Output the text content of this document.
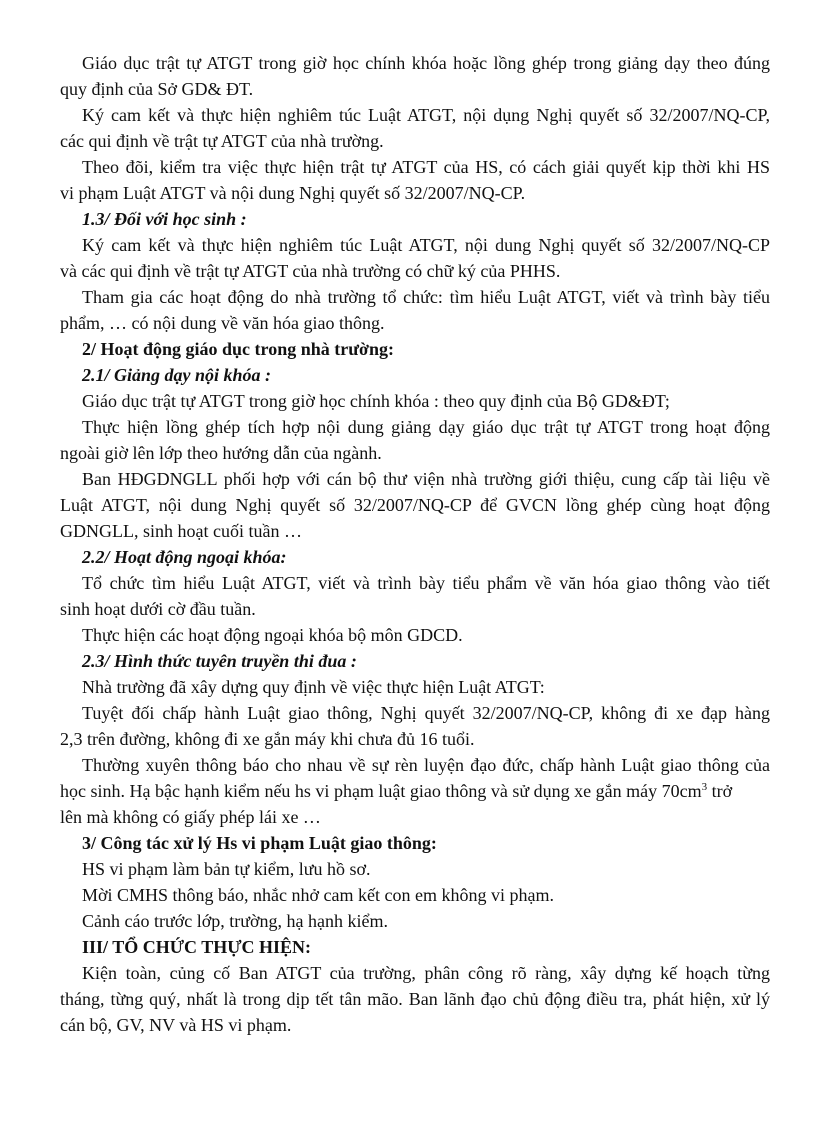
Giáo dục trật tự ATGT trong giờ học chính khóa hoặc lồng ghép trong giảng dạy theo đúng
quy định của Sở GD& ĐT.
Ký cam kết và thực hiện nghiêm túc Luật ATGT, nội dụng Nghị quyết số 32/2007/NQ-CP,
các qui định về trật tự ATGT của nhà trường.
Theo đõi, kiểm tra việc thực hiện trật tự ATGT của HS, có cách giải quyết kịp thời khi HS
vi phạm Luật ATGT và nội dung Nghị quyết số 32/2007/NQ-CP.
1.3/ Đối với học sinh :
Ký cam kết và thực hiện nghiêm túc Luật ATGT, nội dung Nghị quyết số 32/2007/NQ-CP
và các qui định về trật tự ATGT của nhà trường có chữ ký của PHHS.
Tham gia các hoạt động do nhà trường tổ chức: tìm hiểu Luật ATGT, viết và trình bày tiểu
phẩm, … có nội dung về văn hóa giao thông.
2/ Hoạt động giáo dục trong nhà trường:
2.1/ Giảng dạy nội khóa :
Giáo dục trật tự ATGT trong giờ học chính khóa : theo quy định của Bộ GD&ĐT;
Thực hiện lồng ghép tích hợp nội dung giảng dạy giáo dục trật tự ATGT trong hoạt động
ngoài giờ lên lớp theo hướng dẫn của ngành.
Ban HĐGDNGLL phối hợp với cán bộ thư viện nhà trường giới thiệu, cung cấp tài liệu về
Luật ATGT, nội dung Nghị quyết số 32/2007/NQ-CP để GVCN lồng ghép cùng hoạt động
GDNGLL, sinh hoạt cuối tuần …
2.2/ Hoạt động ngoại khóa:
Tổ chức tìm hiểu Luật ATGT, viết và trình bày tiểu phẩm về văn hóa giao thông vào tiết
sinh hoạt dưới cờ đầu tuần.
Thực hiện các hoạt động ngoại khóa bộ môn GDCD.
2.3/ Hình thức tuyên truyền thi đua :
Nhà trường đã xây dựng quy định về việc thực hiện Luật ATGT:
Tuyệt đối chấp hành Luật giao thông, Nghị quyết 32/2007/NQ-CP, không đi xe đạp hàng
2,3 trên đường, không đi xe gắn máy khi chưa đủ 16 tuổi.
Thường xuyên thông báo cho nhau về sự rèn luyện đạo đức, chấp hành Luật giao thông của
học sinh. Hạ bậc hạnh kiểm nếu hs vi phạm luật giao thông và sử dụng xe gắn máy $70cm^3$ trở
lên mà không có giấy phép lái xe …
3/ Công tác xử lý Hs vi phạm Luật giao thông:
HS vi phạm làm bản tự kiểm, lưu hồ sơ.
Mời CMHS thông báo, nhắc nhở cam kết con em không vi phạm.
Cảnh cáo trước lớp, trường, hạ hạnh kiểm.
III/ TỔ CHỨC THỰC HIỆN:
Kiện toàn, củng cố Ban ATGT của trường, phân công rõ ràng, xây dựng kế hoạch từng
tháng, từng quý, nhất là trong dịp tết tân mão. Ban lãnh đạo chủ động điều tra, phát hiện, xử lý
cán bộ, GV, NV và HS vi phạm.
